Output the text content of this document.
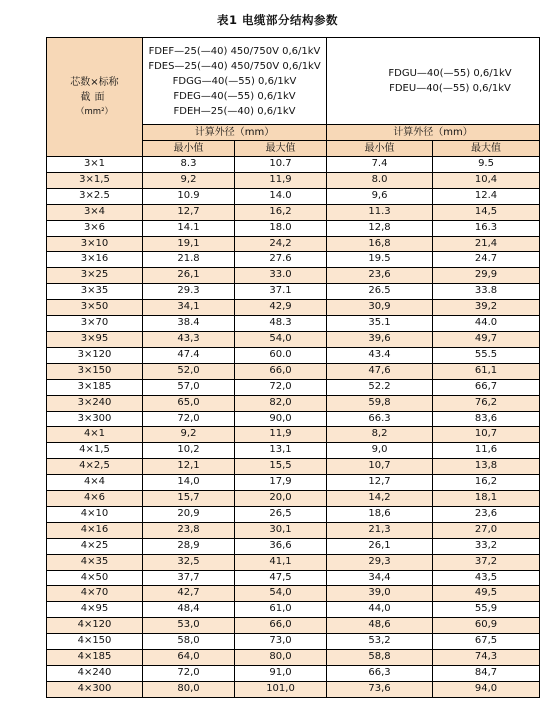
表1 电缆部分结构参数
芯数×标称
截面
（mm²）	FDEF—25(—40) 450/750V 0,6/1kV
FDES—25(—40) 450/750V 0,6/1kV
FDGG—40(—55) 0,6/1kV
FDEG—40(—55) 0,6/1kV
FDEH—25(—40) 0,6/1kV		FDGU—40(—55) 0,6/1kV
FDEU—40(—55) 0,6/1kV	

	计算外径（mm）		计算外径（mm）	
	最小值	最大值	最小值	最大值
3×1	8.3	10.7	7.4	9.5
3×1,5	9,2	11,9	8.0	10,4
3×2.5	10.9	14.0	9,6	12.4
3×4	12,7	16,2	11.3	14,5
3×6	14.1	18.0	12,8	16.3
3×10	19,1	24,2	16,8	21,4
3×16	21.8	27.6	19.5	24.7
3×25	26,1	33.0	23,6	29,9
3×35	29.3	37.1	26.5	33.8
3×50	34,1	42,9	30,9	39,2
3×70	38.4	48.3	35.1	44.0
3×95	43,3	54,0	39,6	49,7
3×120	47.4	60.0	43.4	55.5
3×150	52,0	66,0	47,6	61,1
3×185	57,0	72,0	52.2	66,7
3×240	65,0	82,0	59,8	76,2
3×300	72,0	90,0	66.3	83,6
4×1	9,2	11,9	8,2	10,7
4×1,5	10,2	13,1	9,0	11,6
4×2,5	12,1	15,5	10,7	13,8
4×4	14,0	17,9	12,7	16,2
4×6	15,7	20,0	14,2	18,1
4×10	20,9	26,5	18,6	23,6
4×16	23,8	30,1	21,3	27,0
4×25	28,9	36,6	26,1	33,2
4×35	32,5	41,1	29,3	37,2
4×50	37,7	47,5	34,4	43,5
4×70	42,7	54,0	39,0	49,5
4×95	48,4	61,0	44,0	55,9
4×120	53,0	66,0	48,6	60,9
4×150	58,0	73,0	53,2	67,5
4×185	64,0	80,0	58,8	74,3
4×240	72,0	91,0	66,3	84,7
4×300	80,0	101,0	73,6	94,0
